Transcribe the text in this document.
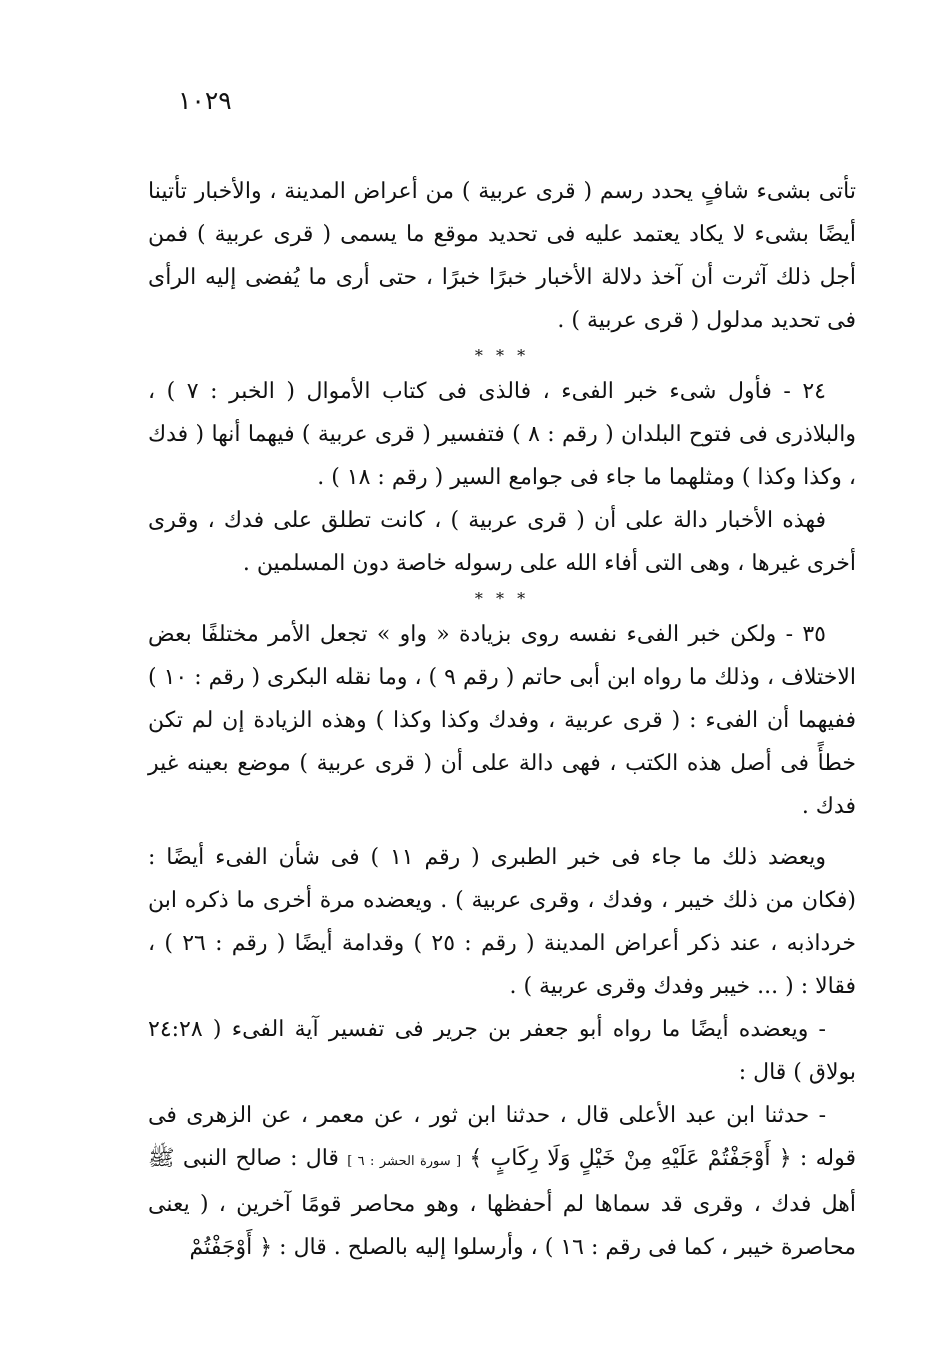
١٠٢٩

تأتى بشىء شافٍ يحدد رسم ( قرى عربية ) من أعراض المدينة ، والأخبار تأتينا أيضًا بشىء لا يكاد يعتمد عليه فى تحديد موقع ما يسمى ( قرى عربية ) فمن أجل ذلك آثرت أن آخذ دلالة الأخبار خبرًا خبرًا ، حتى أرى ما يُفضى إليه الرأى فى تحديد مدلول ( قرى عربية ) .

* * *

٢٤ - فأول شىء خبر الفىء ، فالذى فى كتاب الأموال ( الخبر : ٧ ) ، والبلاذرى فى فتوح البلدان ( رقم : ٨ ) فتفسير ( قرى عربية ) فيهما أنها ( فدك ، وكذا وكذا ) ومثلهما ما جاء فى جوامع السير ( رقم : ١٨ ) .

فهذه الأخبار دالة على أن ( قرى عربية ) ، كانت تطلق على فدك ، وقرى أخرى غيرها ، وهى التى أفاء الله على رسوله خاصة دون المسلمين .

* * *

٣٥ - ولكن خبر الفىء نفسه روى بزيادة « واو » تجعل الأمر مختلفًا بعض الاختلاف ، وذلك ما رواه ابن أبى حاتم ( رقم ٩ ) ، وما نقله البكرى ( رقم : ١٠ ) ففيهما أن الفىء : ( قرى عربية ، وفدك وكذا وكذا ) وهذه الزيادة إن لم تكن خطأً فى أصل هذه الكتب ، فهى دالة على أن ( قرى عربية ) موضع بعينه غير فدك .

ويعضد ذلك ما جاء فى خبر الطبرى ( رقم ١١ ) فى شأن الفىء أيضًا : (فكان من ذلك خيبر ، وفدك ، وقرى عربية ) . ويعضده مرة أخرى ما ذكره ابن خرداذبه ، عند ذكر أعراض المدينة ( رقم : ٢٥ ) وقدامة أيضًا ( رقم : ٢٦ ) ، فقالا : ( ... خيبر وفدك وقرى عربية ) .

- ويعضده أيضًا ما رواه أبو جعفر بن جرير فى تفسير آية الفىء ( ٢٤:٢٨ بولاق ) قال :

- حدثنا ابن عبد الأعلى قال ، حدثنا ابن ثور ، عن معمر ، عن الزهرى فى قوله : ﴿ أَوْجَفْتُمْ عَلَيْهِ مِنْ خَيْلٍ وَلَا رِكَابٍ ﴾ [ سورة الحشر : ٦ ] قال : صالح النبى ﷺ أهل فدك ، وقرى قد سماها لم أحفظها ، وهو محاصر قومًا آخرين ، ( يعنى محاصرة خيبر ، كما فى رقم : ١٦ ) ، وأرسلوا إليه بالصلح . قال : ﴿ أَوْجَفْتُمْ
